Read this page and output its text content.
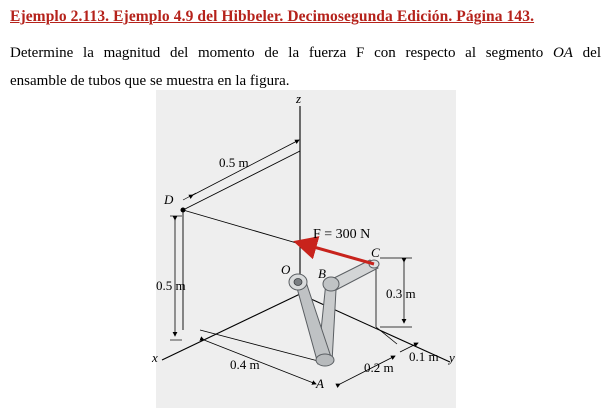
Ejemplo 2.113. Ejemplo 4.9 del Hibbeler. Decimosegunda Edición. Página 143.
Determine la magnitud del momento de la fuerza F con respecto al segmento OA del
ensamble de tubos que se muestra en la figura.
z
x	y
D
O B
C
A
F = 300 N
0.5 m
0.5 m
0.3 m
0.4 m	0.2 m
0.1 m
